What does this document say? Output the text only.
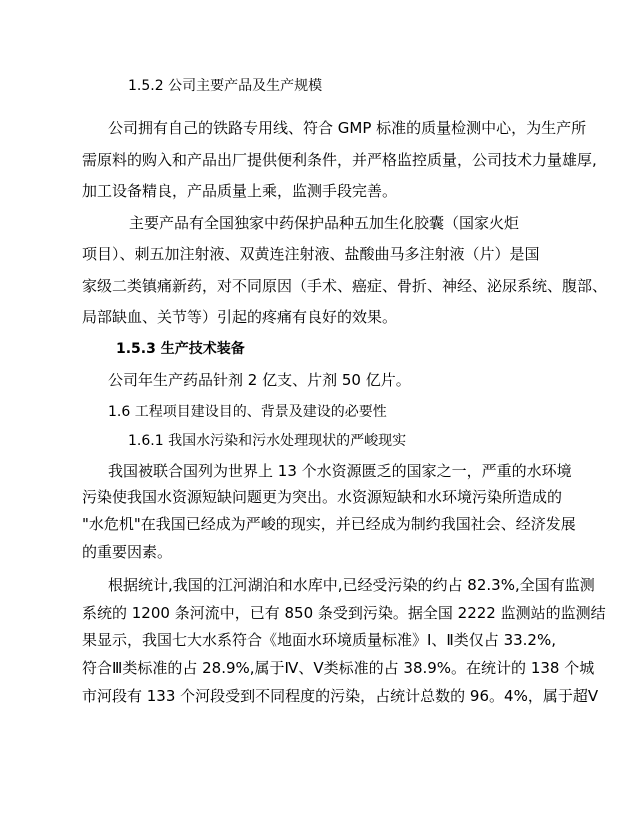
1.5.2 公司主要产品及生产规模
公司拥有自己的铁路专用线、符合 GMP 标准的质量检测中心，为生产所
需原料的购入和产品出厂提供便利条件，并严格监控质量，公司技术力量雄厚,
加工设备精良，产品质量上乘，监测手段完善。
主要产品有全国独家中药保护品种五加生化胶囊（国家火炬
项目）、刺五加注射液、双黄连注射液、盐酸曲马多注射液（片）是国
家级二类镇痛新药，对不同原因（手术、癌症、骨折、神经、泌尿系统、腹部、
局部缺血、关节等）引起的疼痛有良好的效果。
1.5.3 生产技术装备
公司年生产药品针剂 2 亿支、片剂 50 亿片。
1.6 工程项目建设目的、背景及建设的必要性
1.6.1 我国水污染和污水处理现状的严峻现实
我国被联合国列为世界上 13 个水资源匮乏的国家之一，严重的水环境
污染使我国水资源短缺问题更为突出。水资源短缺和水环境污染所造成的
"水危机"在我国已经成为严峻的现实，并已经成为制约我国社会、经济发展
的重要因素。
根据统计,我国的江河湖泊和水库中,已经受污染的约占 82.3%,全国有监测
系统的 1200 条河流中，已有 850 条受到污染。据全国 2222 监测站的监测结
果显示，我国七大水系符合《地面水环境质量标准》Ⅰ、Ⅱ类仅占 33.2%,
符合Ⅲ类标准的占 28.9%,属于Ⅳ、Ⅴ类标准的占 38.9%。在统计的 138 个城
市河段有 133 个河段受到不同程度的污染，占统计总数的 96。4%，属于超Ⅴ
